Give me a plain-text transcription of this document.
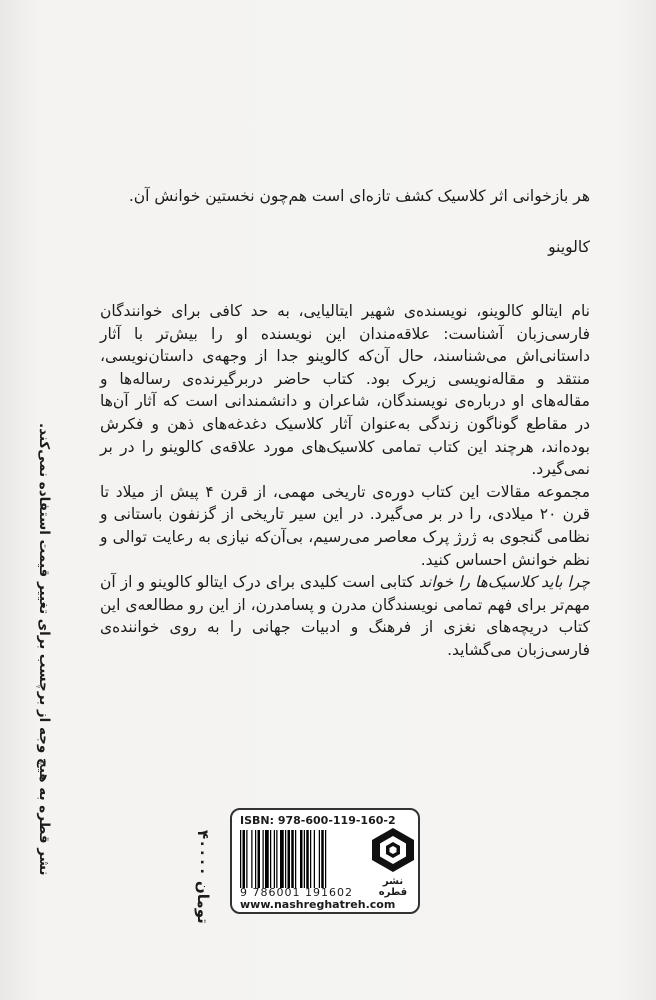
هر بازخوانی اثر کلاسیک کشف تازه‌ای است هم‌چون نخستین خوانش آن.
کالوینو

نام ایتالو کالوینو، نویسنده‌ی شهیر ایتالیایی، به حد کافی برای خوانندگان فارسی‌زبان آشناست: علاقه‌مندان این نویسنده او را بیش‌تر با آثار داستانی‌اش می‌شناسند، حال آن‌که کالوینو جدا از وجهه‌ی داستان‌نویسی، منتقد و مقاله‌نویسی زیرک بود. کتاب حاضر دربرگیرنده‌ی رساله‌ها و مقاله‌های او درباره‌ی نویسندگان، شاعران و دانشمندانی است که آثار آن‌ها در مقاطع گوناگون زندگی به‌عنوان آثار کلاسیک دغدغه‌های ذهن و فکرش بوده‌اند، هرچند این کتاب تمامی کلاسیک‌های مورد علاقه‌ی کالوینو را در بر نمی‌گیرد.

مجموعه مقالات این کتاب دوره‌ی تاریخی مهمی، از قرن ۴ پیش از میلاد تا قرن ۲۰ میلادی، را در بر می‌گیرد. در این سیر تاریخی از گزنفون باستانی و نظامی گنجوی به ژرژ پرک معاصر می‌رسیم، بی‌آن‌که نیازی به رعایت توالی و نظم خوانش احساس کنید.

چرا باید کلاسیک‌ها را خواند کتابی است کلیدی برای درک ایتالو کالوینو و از آن مهم‌تر برای فهم تمامی نویسندگان مدرن و پسامدرن، از این رو مطالعه‌ی این کتاب دریچه‌های نغزی از فرهنگ و ادبیات جهانی را به روی خواننده‌ی فارسی‌زبان می‌گشاید.

نشر قطره به هیچ وجه از برچسب برای تغییر قیمت استفاده نمی‌کند.	۴۰۰۰۰ تومان
ISBN: 978-600-119-160-2
9 786001 191602
www.nashreghatreh.com
نشر قطره
